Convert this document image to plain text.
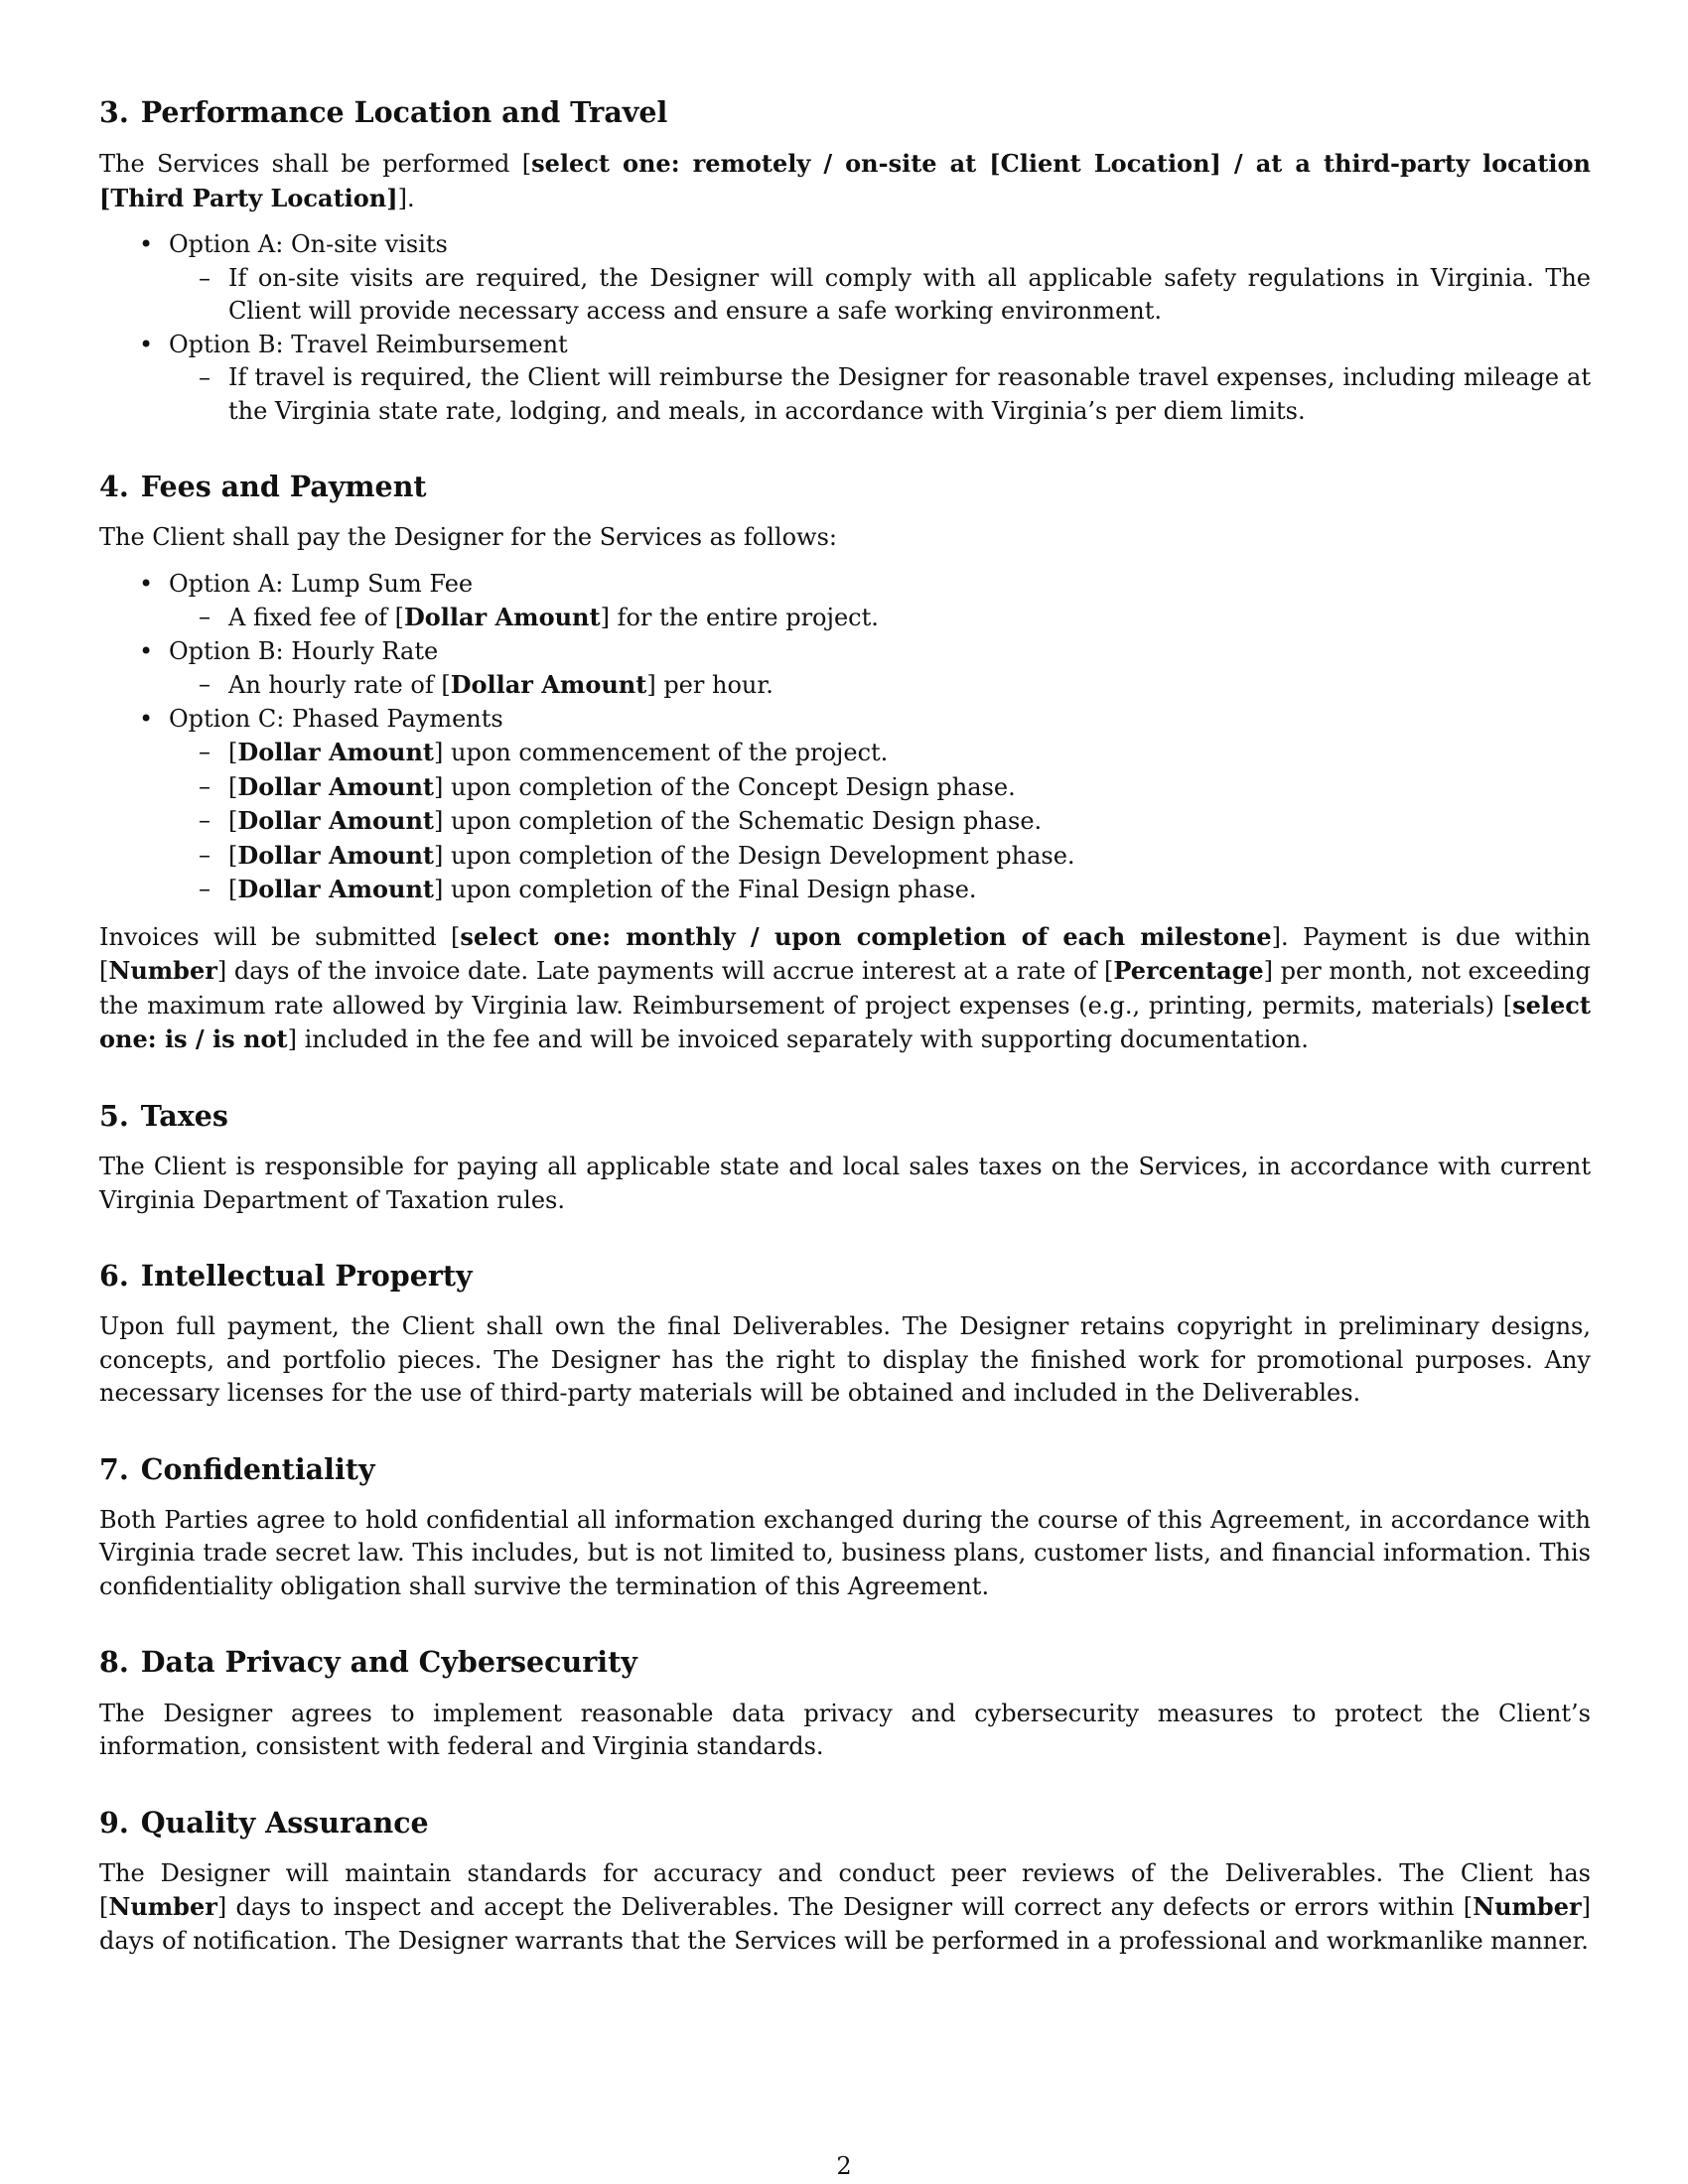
3. Performance Location and Travel

The Services shall be performed [select one: remotely / on-site at [Client Location] / at a third-party location [Third Party Location]].

• Option A: On-site visits
– If on-site visits are required, the Designer will comply with all applicable safety regulations in Virginia. The Client will provide necessary access and ensure a safe working environment.
• Option B: Travel Reimbursement
– If travel is required, the Client will reimburse the Designer for reasonable travel expenses, including mileage at the Virginia state rate, lodging, and meals, in accordance with Virginia’s per diem limits.
4. Fees and Payment

The Client shall pay the Designer for the Services as follows:

• Option A: Lump Sum Fee
– A fixed fee of [Dollar Amount] for the entire project.
• Option B: Hourly Rate
– An hourly rate of [Dollar Amount] per hour.
• Option C: Phased Payments
– [Dollar Amount] upon commencement of the project.
– [Dollar Amount] upon completion of the Concept Design phase.
– [Dollar Amount] upon completion of the Schematic Design phase.
– [Dollar Amount] upon completion of the Design Development phase.
– [Dollar Amount] upon completion of the Final Design phase.

Invoices will be submitted [select one: monthly / upon completion of each milestone]. Payment is due within [Number] days of the invoice date. Late payments will accrue interest at a rate of [Percentage] per month, not exceeding the maximum rate allowed by Virginia law. Reimbursement of project expenses (e.g., printing, permits, materials) [select one: is / is not] included in the fee and will be invoiced separately with supporting documentation.

5. Taxes

The Client is responsible for paying all applicable state and local sales taxes on the Services, in accordance with current Virginia Department of Taxation rules.

6. Intellectual Property

Upon full payment, the Client shall own the final Deliverables. The Designer retains copyright in preliminary designs, concepts, and portfolio pieces. The Designer has the right to display the finished work for promotional purposes. Any necessary licenses for the use of third-party materials will be obtained and included in the Deliverables.

7. Confidentiality

Both Parties agree to hold confidential all information exchanged during the course of this Agreement, in accordance with Virginia trade secret law. This includes, but is not limited to, business plans, customer lists, and financial information. This confidentiality obligation shall survive the termination of this Agreement.

8. Data Privacy and Cybersecurity

The Designer agrees to implement reasonable data privacy and cybersecurity measures to protect the Client’s information, consistent with federal and Virginia standards.

9. Quality Assurance

The Designer will maintain standards for accuracy and conduct peer reviews of the Deliverables. The Client has [Number] days to inspect and accept the Deliverables. The Designer will correct any defects or errors within [Number] days of notification. The Designer warrants that the Services will be performed in a professional and workmanlike manner.

2
